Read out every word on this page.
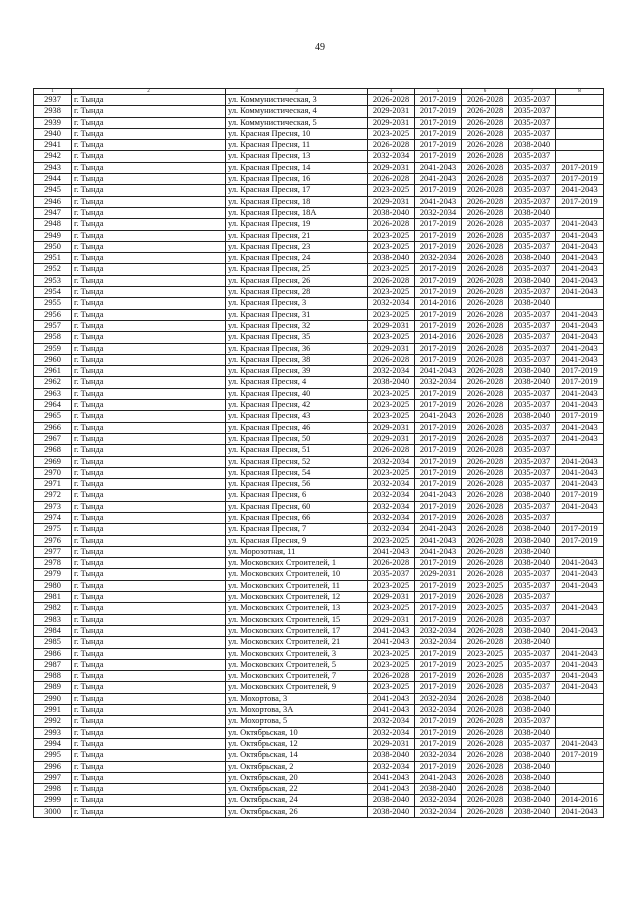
49
1	2	3	4	5	6	7	8
2937	г. Тында	ул. Коммунистическая, 3	2026-2028	2017-2019	2026-2028	2035-2037	
2938	г. Тында	ул. Коммунистическая, 4	2029-2031	2017-2019	2026-2028	2035-2037	
2939	г. Тында	ул. Коммунистическая, 5	2029-2031	2017-2019	2026-2028	2035-2037	
2940	г. Тында	ул. Красная Пресня, 10	2023-2025	2017-2019	2026-2028	2035-2037	
2941	г. Тында	ул. Красная Пресня, 11	2026-2028	2017-2019	2026-2028	2038-2040	
2942	г. Тында	ул. Красная Пресня, 13	2032-2034	2017-2019	2026-2028	2035-2037	
2943	г. Тында	ул. Красная Пресня, 14	2029-2031	2041-2043	2026-2028	2035-2037	2017-2019
2944	г. Тында	ул. Красная Пресня, 16	2026-2028	2041-2043	2026-2028	2035-2037	2017-2019
2945	г. Тында	ул. Красная Пресня, 17	2023-2025	2017-2019	2026-2028	2035-2037	2041-2043
2946	г. Тында	ул. Красная Пресня, 18	2029-2031	2041-2043	2026-2028	2035-2037	2017-2019
2947	г. Тында	ул. Красная Пресня, 18А	2038-2040	2032-2034	2026-2028	2038-2040	
2948	г. Тында	ул. Красная Пресня, 19	2026-2028	2017-2019	2026-2028	2035-2037	2041-2043
2949	г. Тында	ул. Красная Пресня, 21	2023-2025	2017-2019	2026-2028	2035-2037	2041-2043
2950	г. Тында	ул. Красная Пресня, 23	2023-2025	2017-2019	2026-2028	2035-2037	2041-2043
2951	г. Тында	ул. Красная Пресня, 24	2038-2040	2032-2034	2026-2028	2038-2040	2041-2043
2952	г. Тында	ул. Красная Пресня, 25	2023-2025	2017-2019	2026-2028	2035-2037	2041-2043
2953	г. Тында	ул. Красная Пресня, 26	2026-2028	2017-2019	2026-2028	2038-2040	2041-2043
2954	г. Тында	ул. Красная Пресня, 28	2023-2025	2017-2019	2026-2028	2035-2037	2041-2043
2955	г. Тында	ул. Красная Пресня, 3	2032-2034	2014-2016	2026-2028	2038-2040	
2956	г. Тында	ул. Красная Пресня, 31	2023-2025	2017-2019	2026-2028	2035-2037	2041-2043
2957	г. Тында	ул. Красная Пресня, 32	2029-2031	2017-2019	2026-2028	2035-2037	2041-2043
2958	г. Тында	ул. Красная Пресня, 35	2023-2025	2014-2016	2026-2028	2035-2037	2041-2043
2959	г. Тында	ул. Красная Пресня, 36	2029-2031	2017-2019	2026-2028	2035-2037	2041-2043
2960	г. Тында	ул. Красная Пресня, 38	2026-2028	2017-2019	2026-2028	2035-2037	2041-2043
2961	г. Тында	ул. Красная Пресня, 39	2032-2034	2041-2043	2026-2028	2038-2040	2017-2019
2962	г. Тында	ул. Красная Пресня, 4	2038-2040	2032-2034	2026-2028	2038-2040	2017-2019
2963	г. Тында	ул. Красная Пресня, 40	2023-2025	2017-2019	2026-2028	2035-2037	2041-2043
2964	г. Тында	ул. Красная Пресня, 42	2023-2025	2017-2019	2026-2028	2035-2037	2041-2043
2965	г. Тында	ул. Красная Пресня, 43	2023-2025	2041-2043	2026-2028	2038-2040	2017-2019
2966	г. Тында	ул. Красная Пресня, 46	2029-2031	2017-2019	2026-2028	2035-2037	2041-2043
2967	г. Тында	ул. Красная Пресня, 50	2029-2031	2017-2019	2026-2028	2035-2037	2041-2043
2968	г. Тында	ул. Красная Пресня, 51	2026-2028	2017-2019	2026-2028	2035-2037	
2969	г. Тында	ул. Красная Пресня, 52	2032-2034	2017-2019	2026-2028	2035-2037	2041-2043
2970	г. Тында	ул. Красная Пресня, 54	2023-2025	2017-2019	2026-2028	2035-2037	2041-2043
2971	г. Тында	ул. Красная Пресня, 56	2032-2034	2017-2019	2026-2028	2035-2037	2041-2043
2972	г. Тында	ул. Красная Пресня, 6	2032-2034	2041-2043	2026-2028	2038-2040	2017-2019
2973	г. Тында	ул. Красная Пресня, 60	2032-2034	2017-2019	2026-2028	2035-2037	2041-2043
2974	г. Тында	ул. Красная Пресня, 66	2032-2034	2017-2019	2026-2028	2035-2037	
2975	г. Тында	ул. Красная Пресня, 7	2032-2034	2041-2043	2026-2028	2038-2040	2017-2019
2976	г. Тында	ул. Красная Пресня, 9	2023-2025	2041-2043	2026-2028	2038-2040	2017-2019
2977	г. Тында	ул. Морозотная, 11	2041-2043	2041-2043	2026-2028	2038-2040	
2978	г. Тында	ул. Московских Строителей, 1	2026-2028	2017-2019	2026-2028	2038-2040	2041-2043
2979	г. Тында	ул. Московских Строителей, 10	2035-2037	2029-2031	2026-2028	2035-2037	2041-2043
2980	г. Тында	ул. Московских Строителей, 11	2023-2025	2017-2019	2023-2025	2035-2037	2041-2043
2981	г. Тында	ул. Московских Строителей, 12	2029-2031	2017-2019	2026-2028	2035-2037	
2982	г. Тында	ул. Московских Строителей, 13	2023-2025	2017-2019	2023-2025	2035-2037	2041-2043
2983	г. Тында	ул. Московских Строителей, 15	2029-2031	2017-2019	2026-2028	2035-2037	
2984	г. Тында	ул. Московских Строителей, 17	2041-2043	2032-2034	2026-2028	2038-2040	2041-2043
2985	г. Тында	ул. Московских Строителей, 21	2041-2043	2032-2034	2026-2028	2038-2040	
2986	г. Тында	ул. Московских Строителей, 3	2023-2025	2017-2019	2023-2025	2035-2037	2041-2043
2987	г. Тында	ул. Московских Строителей, 5	2023-2025	2017-2019	2023-2025	2035-2037	2041-2043
2988	г. Тында	ул. Московских Строителей, 7	2026-2028	2017-2019	2026-2028	2035-2037	2041-2043
2989	г. Тында	ул. Московских Строителей, 9	2023-2025	2017-2019	2026-2028	2035-2037	2041-2043
2990	г. Тында	ул. Мохортова, 3	2041-2043	2032-2034	2026-2028	2038-2040	
2991	г. Тында	ул. Мохортова, 3А	2041-2043	2032-2034	2026-2028	2038-2040	
2992	г. Тында	ул. Мохортова, 5	2032-2034	2017-2019	2026-2028	2035-2037	
2993	г. Тында	ул. Октябрьская, 10	2032-2034	2017-2019	2026-2028	2038-2040	
2994	г. Тында	ул. Октябрьская, 12	2029-2031	2017-2019	2026-2028	2035-2037	2041-2043
2995	г. Тында	ул. Октябрьская, 14	2038-2040	2032-2034	2026-2028	2038-2040	2017-2019
2996	г. Тында	ул. Октябрьская, 2	2032-2034	2017-2019	2026-2028	2038-2040	
2997	г. Тында	ул. Октябрьская, 20	2041-2043	2041-2043	2026-2028	2038-2040	
2998	г. Тында	ул. Октябрьская, 22	2041-2043	2038-2040	2026-2028	2038-2040	
2999	г. Тында	ул. Октябрьская, 24	2038-2040	2032-2034	2026-2028	2038-2040	2014-2016
3000	г. Тында	ул. Октябрьская, 26	2038-2040	2032-2034	2026-2028	2038-2040	2041-2043
